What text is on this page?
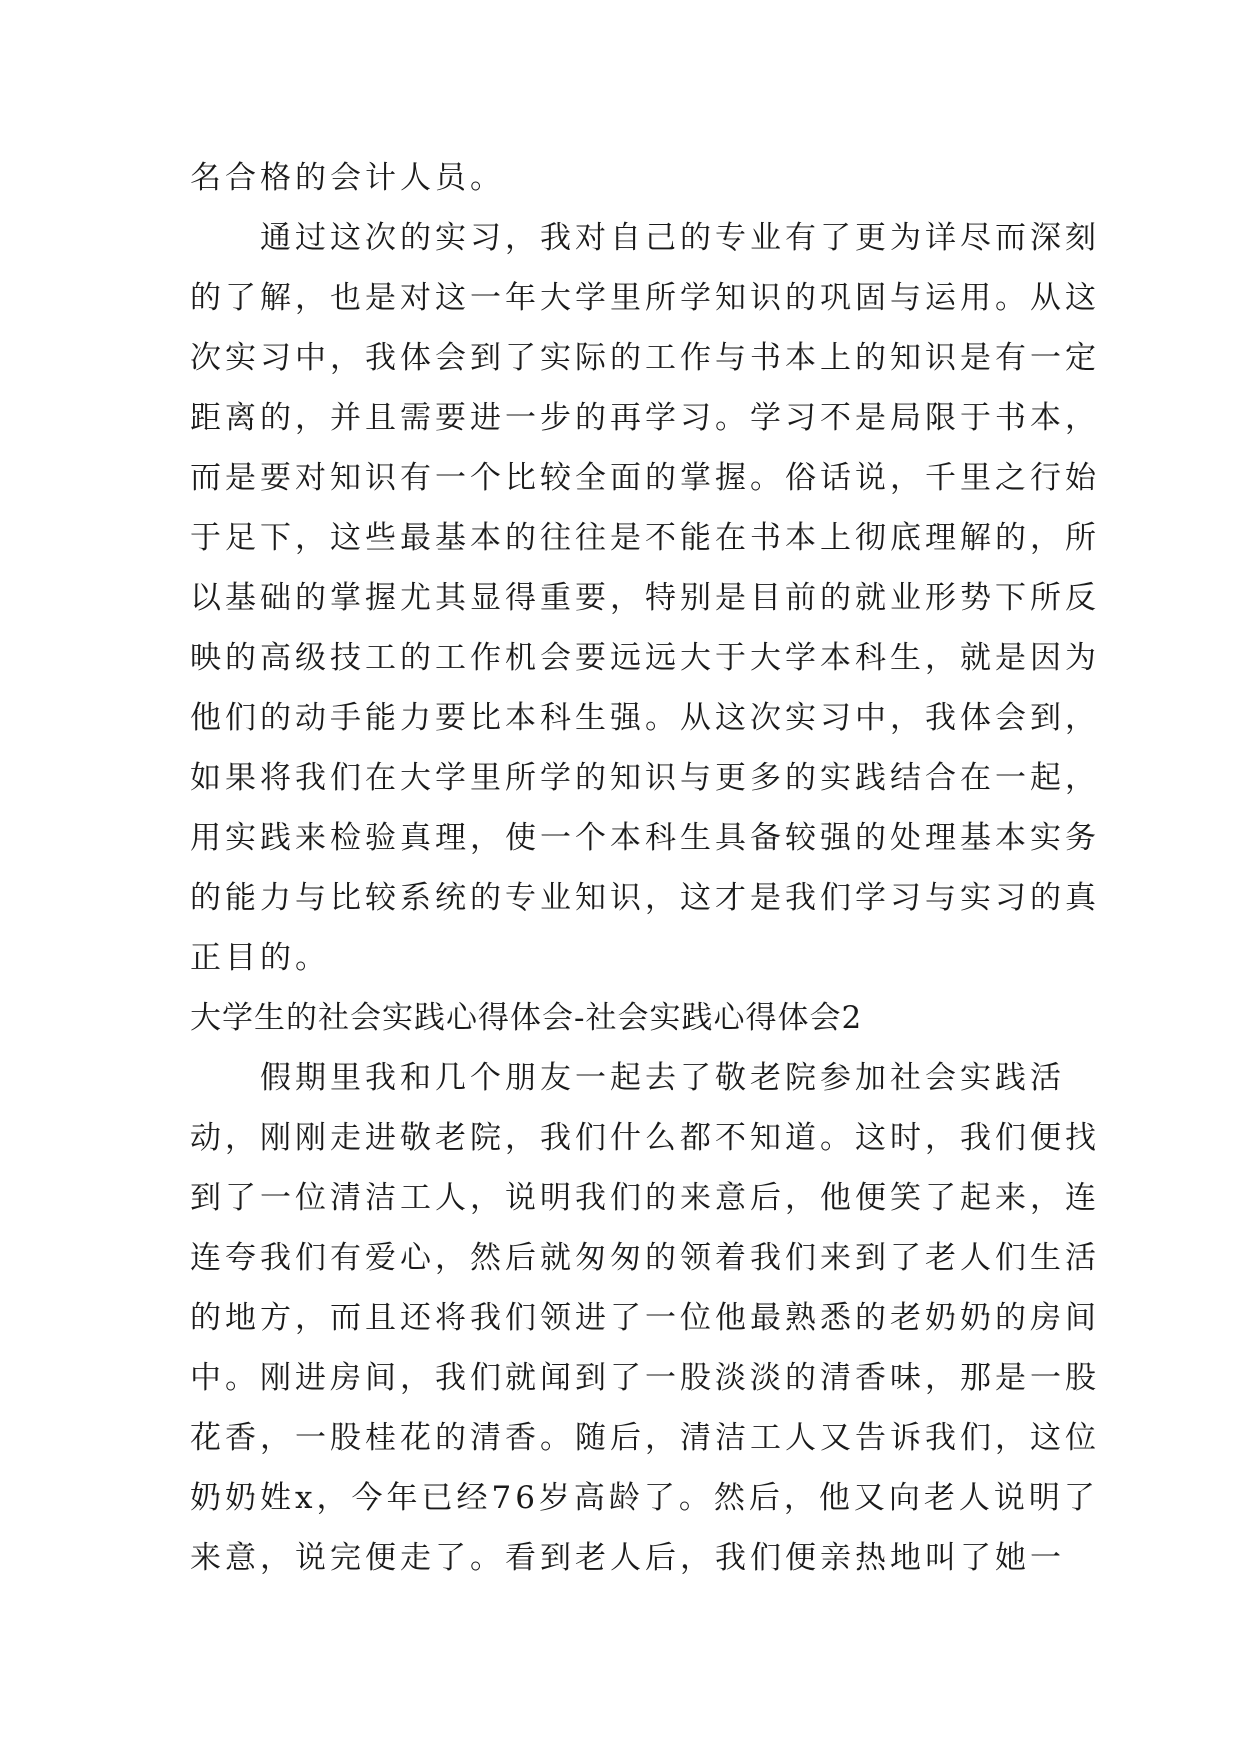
名合格的会计人员。
通过这次的实习，我对自己的专业有了更为详尽而深刻
的了解，也是对这一年大学里所学知识的巩固与运用。从这
次实习中，我体会到了实际的工作与书本上的知识是有一定
距离的，并且需要进一步的再学习。学习不是局限于书本，
而是要对知识有一个比较全面的掌握。俗话说，千里之行始
于足下，这些最基本的往往是不能在书本上彻底理解的，所
以基础的掌握尤其显得重要，特别是目前的就业形势下所反
映的高级技工的工作机会要远远大于大学本科生，就是因为
他们的动手能力要比本科生强。从这次实习中，我体会到，
如果将我们在大学里所学的知识与更多的实践结合在一起，
用实践来检验真理，使一个本科生具备较强的处理基本实务
的能力与比较系统的专业知识，这才是我们学习与实习的真
正目的。
大学生的社会实践心得体会-社会实践心得体会2
假期里我和几个朋友一起去了敬老院参加社会实践活
动，刚刚走进敬老院，我们什么都不知道。这时，我们便找
到了一位清洁工人，说明我们的来意后，他便笑了起来，连
连夸我们有爱心，然后就匆匆的领着我们来到了老人们生活
的地方，而且还将我们领进了一位他最熟悉的老奶奶的房间
中。刚进房间，我们就闻到了一股淡淡的清香味，那是一股
花香，一股桂花的清香。随后，清洁工人又告诉我们，这位
奶奶姓x，今年已经76岁高龄了。然后，他又向老人说明了
来意，说完便走了。看到老人后，我们便亲热地叫了她一
